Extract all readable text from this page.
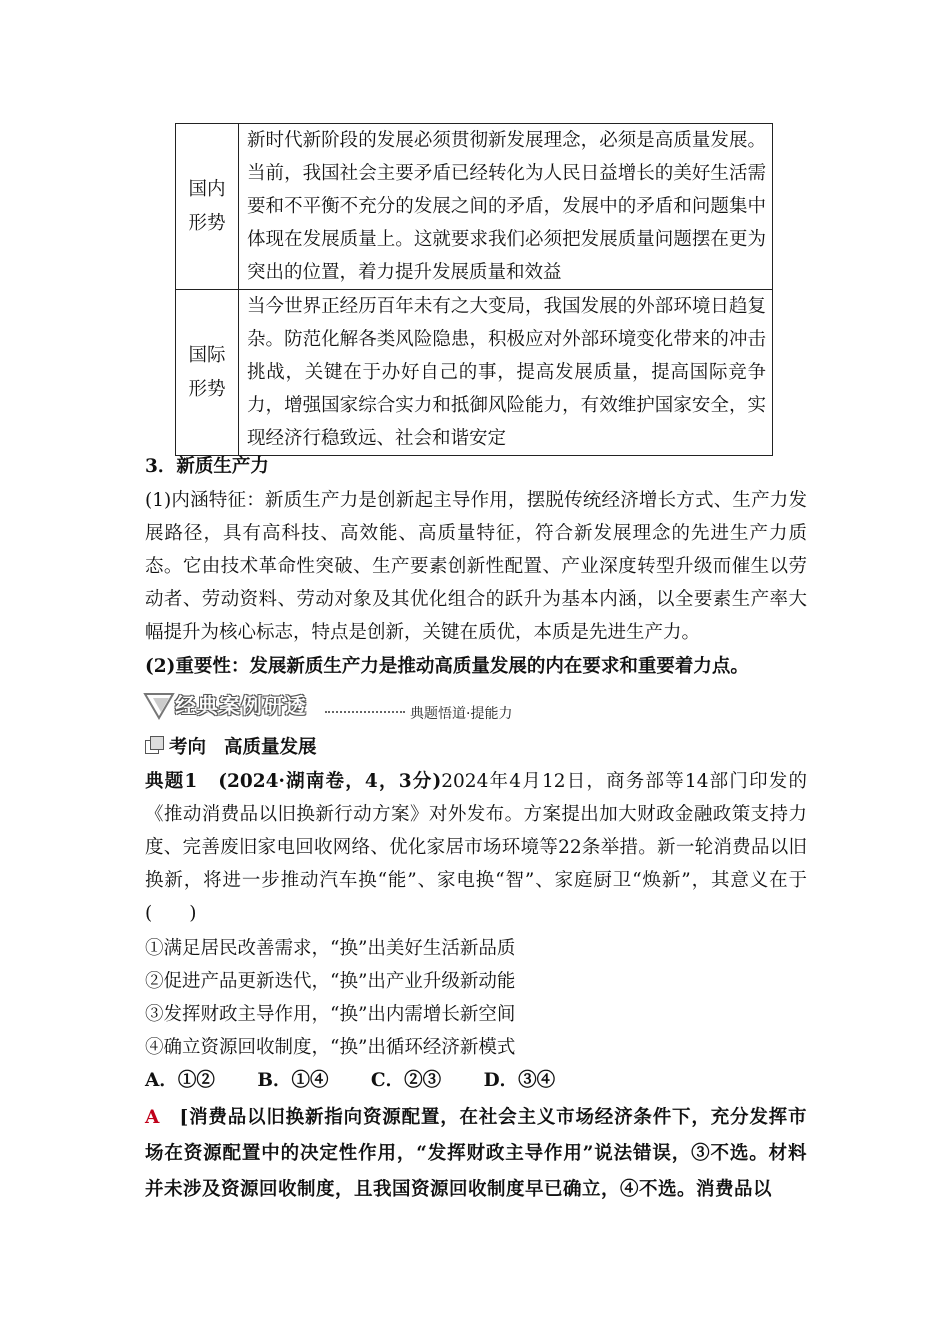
国内
形势	新时代新阶段的发展必须贯彻新发展理念，必须是高质量发展。当前，我国社会主要矛盾已经转化为人民日益增长的美好生活需要和不平衡不充分的发展之间的矛盾，发展中的矛盾和问题集中体现在发展质量上。这就要求我们必须把发展质量问题摆在更为突出的位置，着力提升发展质量和效益

国际
形势	当今世界正经历百年未有之大变局，我国发展的外部环境日趋复杂。防范化解各类风险隐患，积极应对外部环境变化带来的冲击挑战，关键在于办好自己的事，提高发展质量，提高国际竞争力，增强国家综合实力和抵御风险能力，有效维护国家安全，实现经济行稳致远、社会和谐安定
3．新质生产力
(1)内涵特征：新质生产力是创新起主导作用，摆脱传统经济增长方式、生产力发展路径，具有高科技、高效能、高质量特征，符合新发展理念的先进生产力质态。它由技术革命性突破、生产要素创新性配置、产业深度转型升级而催生以劳动者、劳动资料、劳动对象及其优化组合的跃升为基本内涵，以全要素生产率大幅提升为核心标志，特点是创新，关键在质优，本质是先进生产力。
(2)重要性：发展新质生产力是推动高质量发展的内在要求和重要着力点。
经典案例研透	典题悟道·提能力
考向 高质量发展
典题1　 (2024·湖南卷，4，3分)2024年4月12日，商务部等14部门印发的《推动消费品以旧换新行动方案》对外发布。方案提出加大财政金融政策支持力度、完善废旧家电回收网络、优化家居市场环境等22条举措。新一轮消费品以旧换新，将进一步推动汽车换“能”、家电换“智”、家庭厨卫“焕新”，其意义在于(　　)
①满足居民改善需求，“换”出美好生活新品质
②促进产品更新迭代，“换”出产业升级新动能
③发挥财政主导作用，“换”出内需增长新空间
④确立资源回收制度，“换”出循环经济新模式
A．①② B．①④ C．②③ D．③④
A　 [消费品以旧换新指向资源配置，在社会主义市场经济条件下，充分发挥市场在资源配置中的决定性作用，“发挥财政主导作用”说法错误，③不选。材料并未涉及资源回收制度，且我国资源回收制度早已确立，④不选。消费品以
